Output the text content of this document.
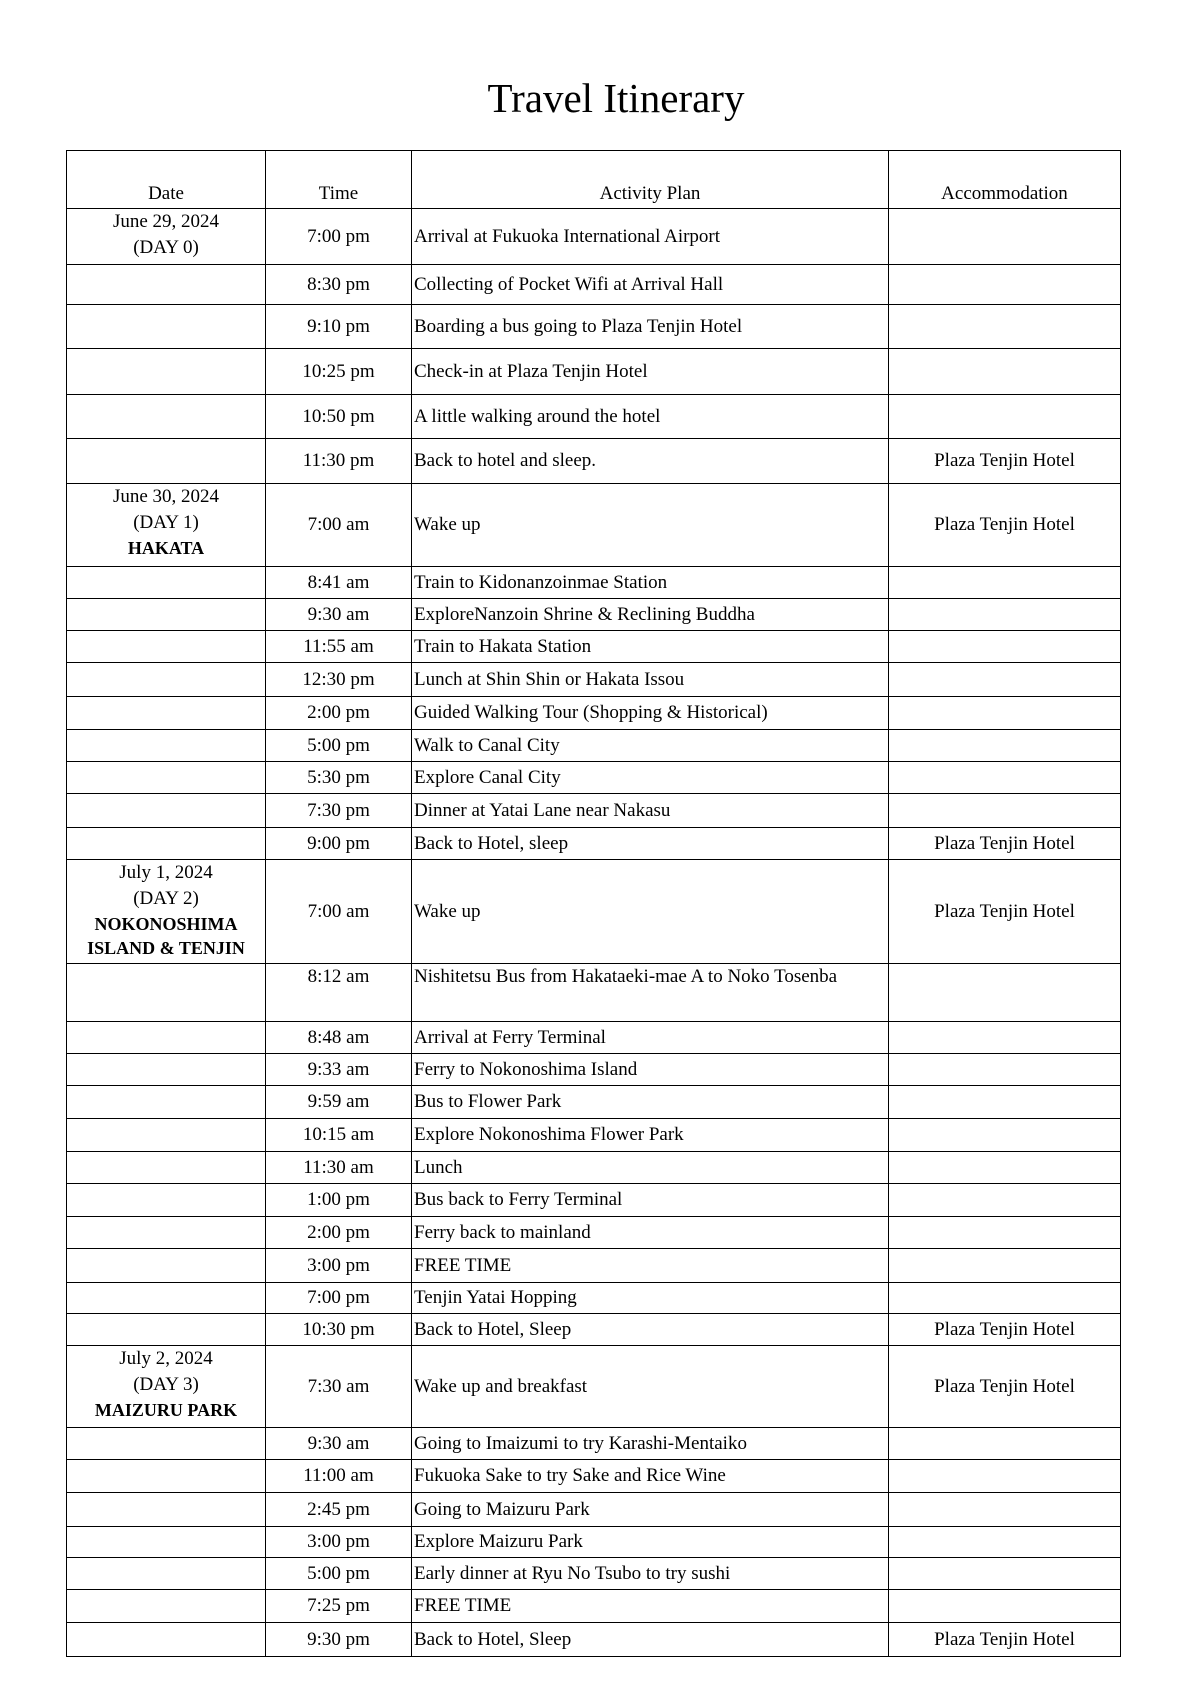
Travel Itinerary
Date	Time	Activity Plan	Accommodation

June 29, 2024
(DAY 0)	7:00 pm	Arrival at Fukuoka International Airport	
	8:30 pm	Collecting of Pocket Wifi at Arrival Hall	
	9:10 pm	Boarding a bus going to Plaza Tenjin Hotel	
	10:25 pm	Check-in at Plaza Tenjin Hotel	
	10:50 pm	A little walking around the hotel	
	11:30 pm	Back to hotel and sleep.	Plaza Tenjin Hotel

June 30, 2024
(DAY 1)
HAKATA	7:00 am	Wake up	Plaza Tenjin Hotel
	8:41 am	Train to Kidonanzoinmae Station	
	9:30 am	ExploreNanzoin Shrine & Reclining Buddha	
	11:55 am	Train to Hakata Station	
	12:30 pm	Lunch at Shin Shin or Hakata Issou	
	2:00 pm	Guided Walking Tour (Shopping & Historical)	
	5:00 pm	Walk to Canal City	
	5:30 pm	Explore Canal City	
	7:30 pm	Dinner at Yatai Lane near Nakasu	
	9:00 pm	Back to Hotel, sleep	Plaza Tenjin Hotel

July 1, 2024
(DAY 2)
NOKONOSHIMA ISLAND & TENJIN	7:00 am	Wake up	Plaza Tenjin Hotel
	8:12 am	Nishitetsu Bus from Hakataeki-mae A to Noko Tosenba	
	8:48 am	Arrival at Ferry Terminal	
	9:33 am	Ferry to Nokonoshima Island	
	9:59 am	Bus to Flower Park	
	10:15 am	Explore Nokonoshima Flower Park	
	11:30 am	Lunch	
	1:00 pm	Bus back to Ferry Terminal	
	2:00 pm	Ferry back to mainland	
	3:00 pm	FREE TIME	
	7:00 pm	Tenjin Yatai Hopping	
	10:30 pm	Back to Hotel, Sleep	Plaza Tenjin Hotel

July 2, 2024
(DAY 3)
MAIZURU PARK	7:30 am	Wake up and breakfast	Plaza Tenjin Hotel
	9:30 am	Going to Imaizumi to try Karashi-Mentaiko	
	11:00 am	Fukuoka Sake to try Sake and Rice Wine	
	2:45 pm	Going to Maizuru Park	
	3:00 pm	Explore Maizuru Park	
	5:00 pm	Early dinner at Ryu No Tsubo to try sushi	
	7:25 pm	FREE TIME	
	9:30 pm	Back to Hotel, Sleep	Plaza Tenjin Hotel
